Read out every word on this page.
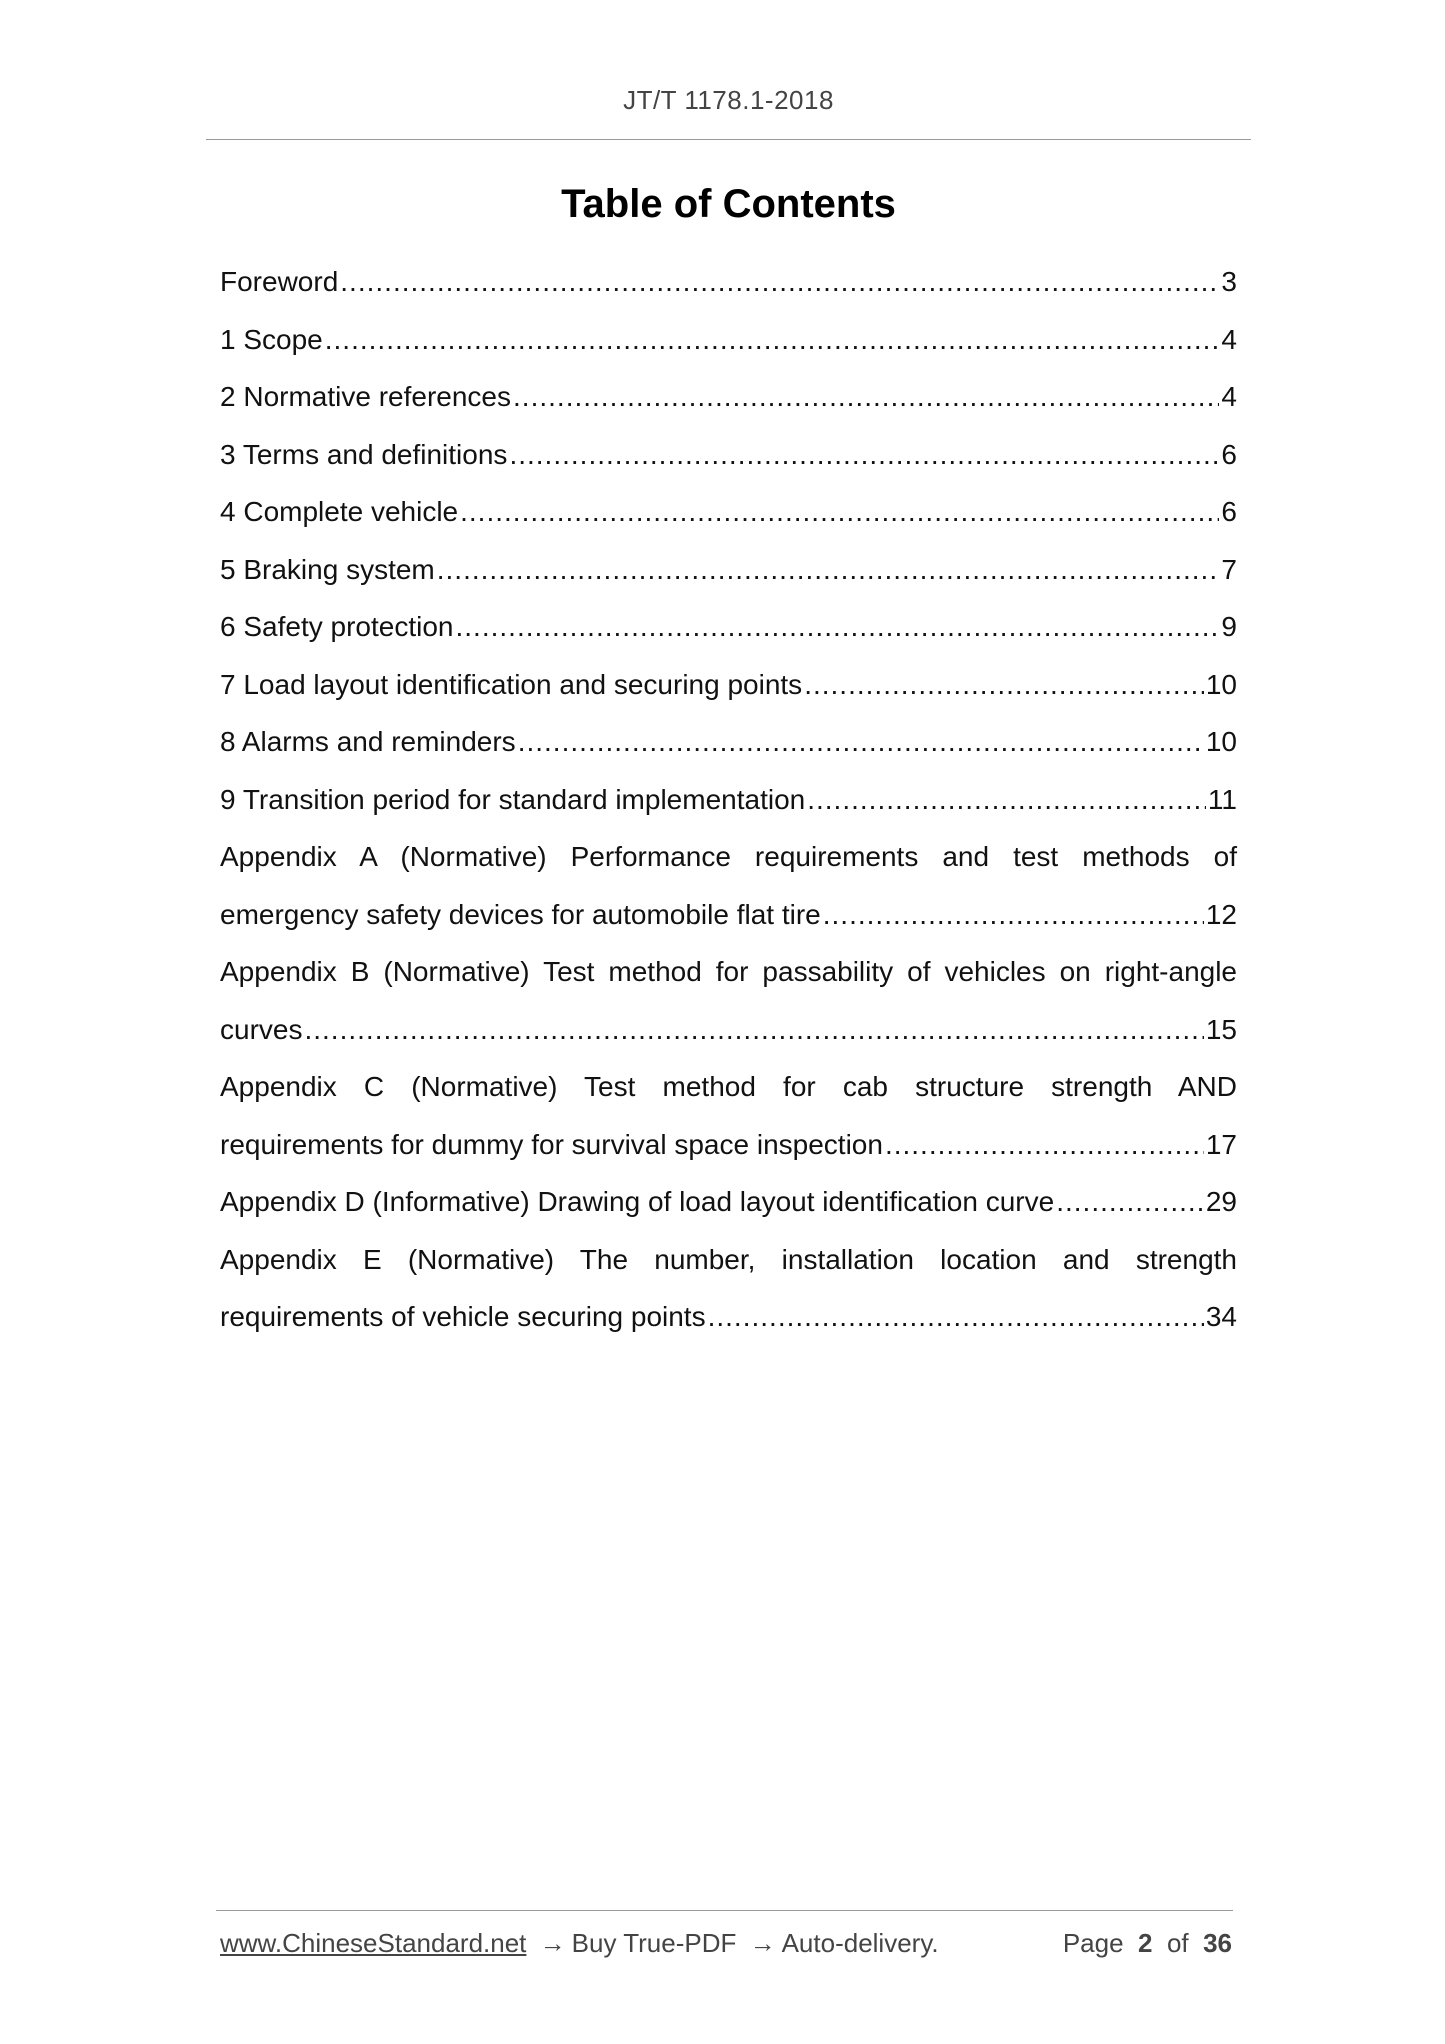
JT/T 1178.1-2018
Table of Contents
Foreword .....	3
1 Scope .....	4
2 Normative references .....	4
3 Terms and definitions .....	6
4 Complete vehicle .....	6
5 Braking system .....	7
6 Safety protection .....	9
7 Load layout identification and securing points .....	10
8 Alarms and reminders .....	10
9 Transition period for standard implementation .....	11
Appendix A (Normative) Performance requirements and test methods of
emergency safety devices for automobile flat tire .....	12
Appendix B (Normative) Test method for passability of vehicles on right-angle
curves .....	15
Appendix C (Normative) Test method for cab structure strength AND
requirements for dummy for survival space inspection .....	17
Appendix D (Informative) Drawing of load layout identification curve .....	29
Appendix E (Normative) The number, installation location and strength
requirements of vehicle securing points .....	34
www.ChineseStandard.net → Buy True-PDF → Auto-delivery.	Page 2 of 36
